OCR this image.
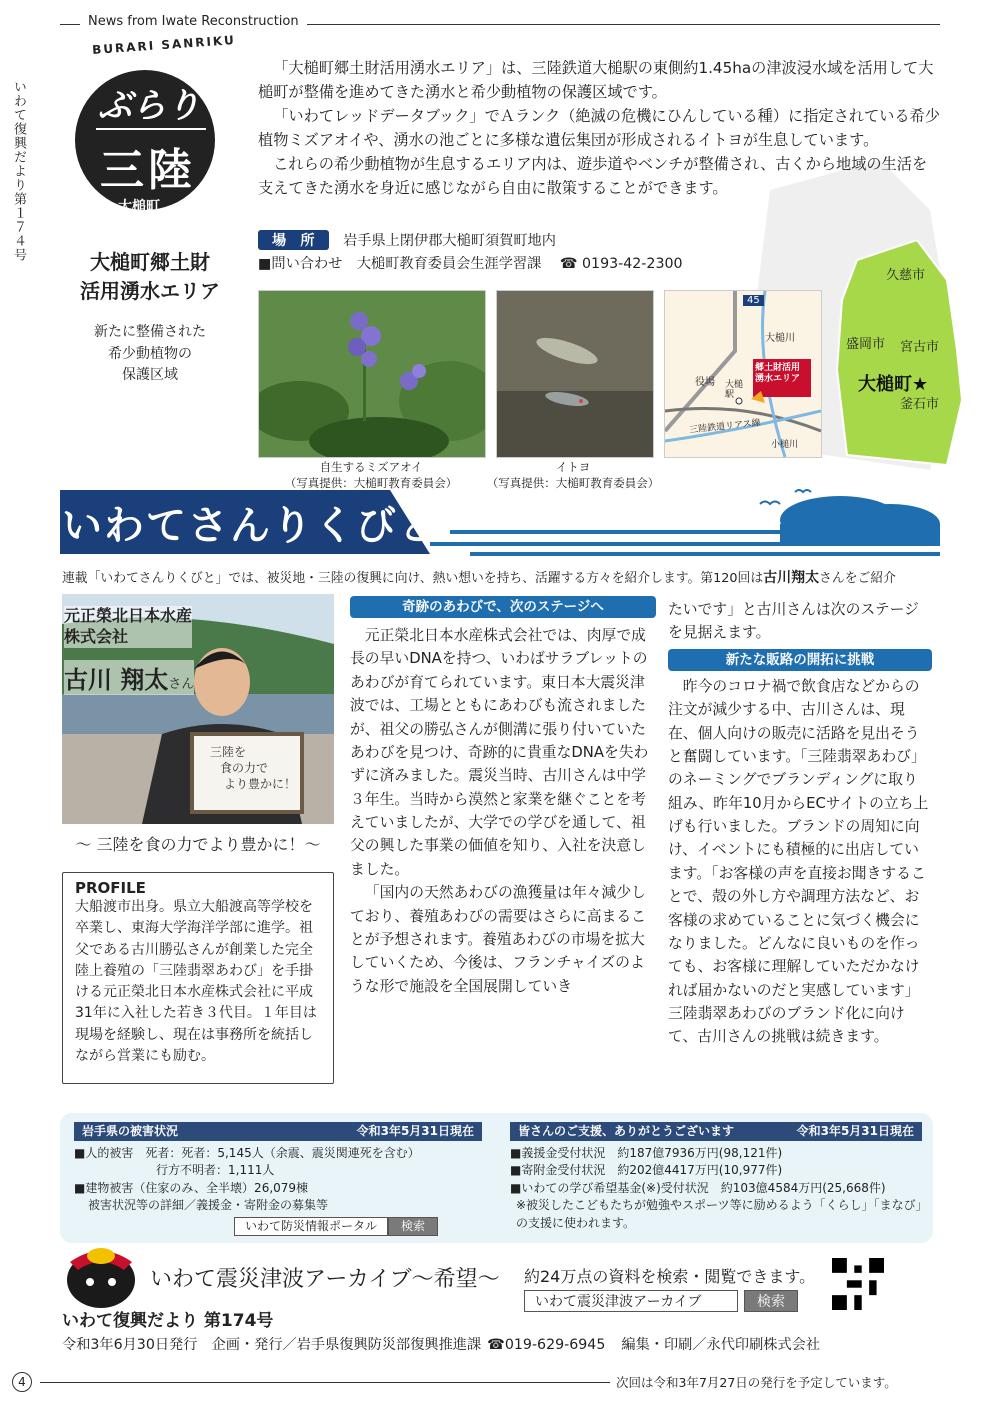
News from Iwate Reconstruction
いわて復興だより第１７４号
BURARI SANRIKU
ぶらり
三陸
大槌町
大槌町郷土財
活用湧水エリア
新たに整備された
希少動植物の
保護区域

「大槌町郷土財活用湧水エリア」は、三陸鉄道大槌駅の東側約1.45haの津波浸水域を活用して大槌町が整備を進めてきた湧水と希少動植物の保護区域です。

「いわてレッドデータブック」でＡランク（絶滅の危機にひんしている種）に指定されている希少植物ミズアオイや、湧水の池ごとに多様な遺伝集団が形成されるイトヨが生息しています。

これらの希少動植物が生息するエリア内は、遊歩道やベンチが整備され、古くから地域の生活を支えてきた湧水を身近に感じながら自由に散策することができます。

場　所 岩手県上閉伊郡大槌町須賀町地内
■問い合わせ 大槌町教育委員会生涯学習課 ☎ 0193-42-2300
45
大槌川
役場 大槌駅
郷土財活用
湧水エリア
三陸鉄道リアス線
小槌川
久慈市
盛岡市 宮古市
大槌町★
釜石市
自生するミズアオイ
（写真提供：大槌町教育委員会）
イトヨ
（写真提供：大槌町教育委員会）
いわてさんりくびと
連載「いわてさんりくびと」では、被災地・三陸の復興に向け、熱い想いを持ち、活躍する方々を紹介します。第120回は古川翔太さんをご紹介
三陸を
食の力で
より豊かに！
元正榮北日本水産
株式会社
古川 翔太さん
〜 三陸を食の力でより豊かに！〜
PROFILE

大船渡市出身。県立大船渡高等学校を卒業し、東海大学海洋学部に進学。祖父である古川勝弘さんが創業した完全陸上養殖の「三陸翡翠あわび」を手掛ける元正榮北日本水産株式会社に平成31年に入社した若き３代目。１年目は現場を経験し、現在は事務所を統括しながら営業にも励む。

奇跡のあわびで、次のステージへ

元正榮北日本水産株式会社では、肉厚で成長の早いDNAを持つ、いわばサラブレットのあわびが育てられています。東日本大震災津波では、工場とともにあわびも流されましたが、祖父の勝弘さんが側溝に張り付いていたあわびを見つけ、奇跡的に貴重なDNAを失わずに済みました。震災当時、古川さんは中学３年生。当時から漠然と家業を継ぐことを考えていましたが、大学での学びを通して、祖父の興した事業の価値を知り、入社を決意しました。

「国内の天然あわびの漁獲量は年々減少しており、養殖あわびの需要はさらに高まることが予想されます。養殖あわびの市場を拡大していくため、今後は、フランチャイズのような形で施設を全国展開していき

たいです」と古川さんは次のステージを見据えます。
新たな販路の開拓に挑戦

昨今のコロナ禍で飲食店などからの注文が減少する中、古川さんは、現在、個人向けの販売に活路を見出そうと奮闘しています。「三陸翡翠あわび」のネーミングでブランディングに取り組み、昨年10月からECサイトの立ち上げも行いました。ブランドの周知に向け、イベントにも積極的に出店しています。「お客様の声を直接お聞きすることで、殻の外し方や調理方法など、お客様の求めていることに気づく機会になりました。どんなに良いものを作っても、お客様に理解していただかなければ届かないのだと実感しています」三陸翡翠あわびのブランド化に向けて、古川さんの挑戦は続きます。

岩手県の被害状況	令和3年5月31日現在
■人的被害　死者：死者：5,145人（余震、震災関連死を含む）
行方不明者：1,111人
■建物被害（住家のみ、全半壊）26,079棟
被害状況等の詳細／義援金・寄附金の募集等
いわて防災情報ポータル 検索
皆さんのご支援、ありがとうございます	令和3年5月31日現在
■義援金受付状況　 約187億7936万円(98,121件)
■寄附金受付状況　 約202億4417万円(10,977件)
■いわての学び希望基金(※)受付状況　 約103億4584万円(25,668件)
※被災したこどもたちが勉強やスポーツ等に励めるよう「くらし」「まなび」の支援に使われます。
いわて震災津波アーカイブ〜希望〜 約24万点の資料を検索・閲覧できます。
いわて震災津波アーカイブ	検索
いわて復興だより 第174号
令和3年6月30日発行　企画・発行／岩手県復興防災部復興推進課 ☎019-629-6945 編集・印刷／永代印刷株式会社
4	次回は令和3年7月27日の発行を予定しています。
